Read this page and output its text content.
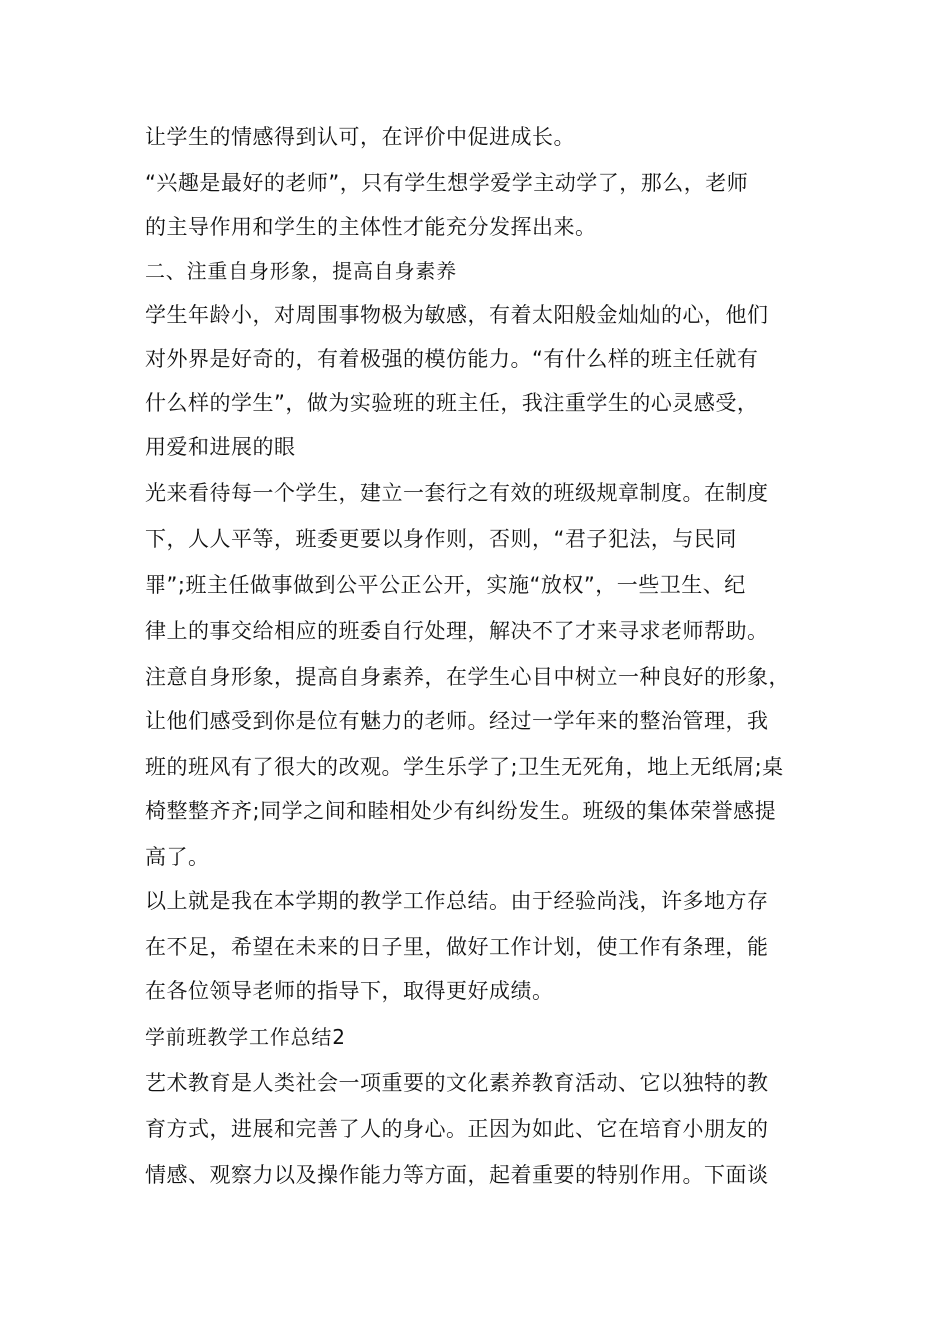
让学生的情感得到认可，在评价中促进成长。
“兴趣是最好的老师”，只有学生想学爱学主动学了，那么，老师
的主导作用和学生的主体性才能充分发挥出来。
二、注重自身形象，提高自身素养
学生年龄小，对周围事物极为敏感，有着太阳般金灿灿的心，他们
对外界是好奇的，有着极强的模仿能力。“有什么样的班主任就有
什么样的学生”，做为实验班的班主任，我注重学生的心灵感受，
用爱和进展的眼
光来看待每一个学生，建立一套行之有效的班级规章制度。在制度
下，人人平等，班委更要以身作则，否则，“君子犯法，与民同
罪”;班主任做事做到公平公正公开，实施“放权”，一些卫生、纪
律上的事交给相应的班委自行处理，解决不了才来寻求老师帮助。
注意自身形象，提高自身素养，在学生心目中树立一种良好的形象，
让他们感受到你是位有魅力的老师。经过一学年来的整治管理，我
班的班风有了很大的改观。学生乐学了;卫生无死角，地上无纸屑;桌
椅整整齐齐;同学之间和睦相处少有纠纷发生。班级的集体荣誉感提
高了。
以上就是我在本学期的教学工作总结。由于经验尚浅，许多地方存
在不足，希望在未来的日子里，做好工作计划，使工作有条理，能
在各位领导老师的指导下，取得更好成绩。
学前班教学工作总结2
艺术教育是人类社会一项重要的文化素养教育活动、它以独特的教
育方式，进展和完善了人的身心。正因为如此、它在培育小朋友的
情感、观察力以及操作能力等方面，起着重要的特别作用。下面谈
